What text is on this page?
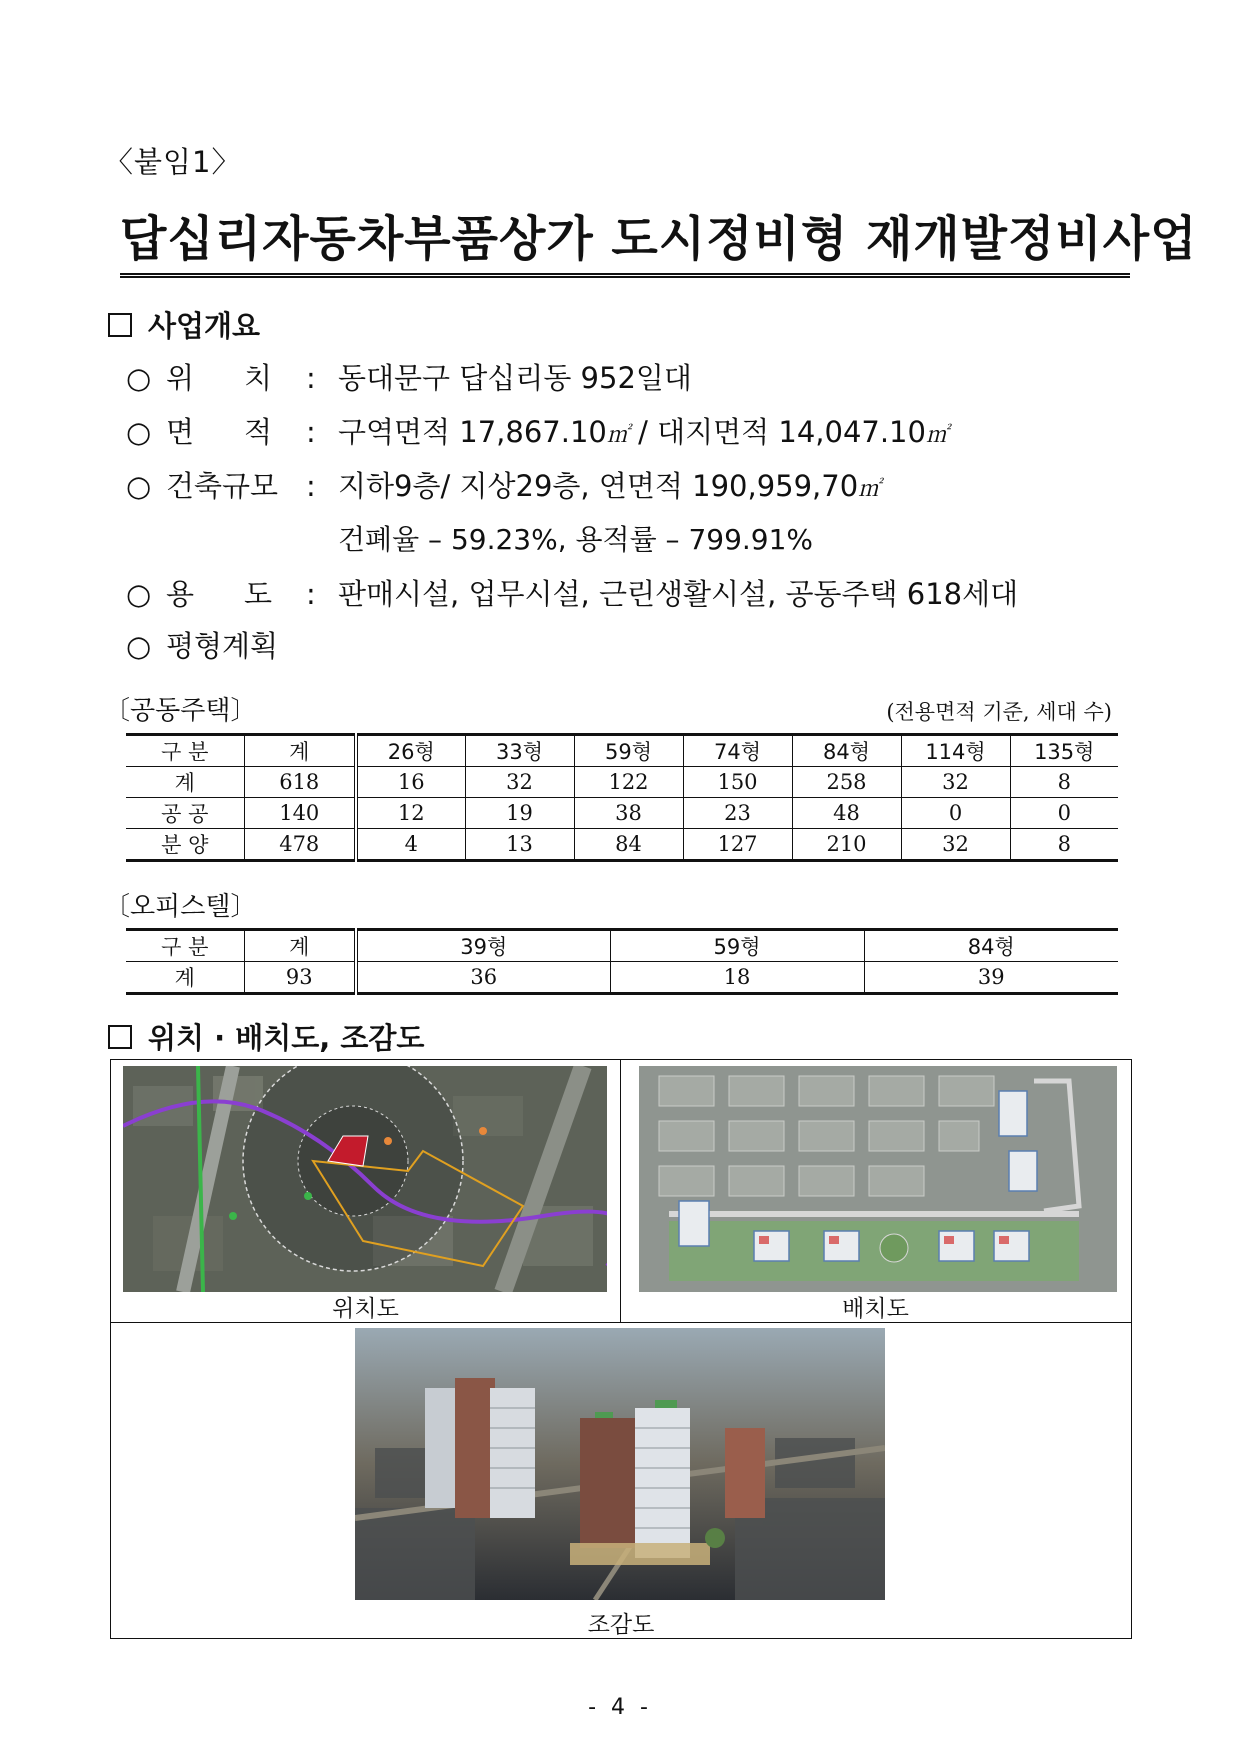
〈붙임1〉
답십리자동차부품상가 도시정비형 재개발정비사업
사업개요
○ 위 치 : 동대문구 답십리동 952일대
○ 면 적 : 구역면적 17,867.10㎡ / 대지면적 14,047.10㎡
○ 건축규모 : 지하9층/ 지상29층, 연면적 190,959,70㎡
건폐율 – 59.23%, 용적률 – 799.91%
○ 용 도 : 판매시설, 업무시설, 근린생활시설, 공동주택 618세대
○ 평형계획
〔공동주택〕	(전용면적 기준, 세대 수)
구 분	계	26형	33형	59형	74형	84형	114형	135형
계	618	16	32	122	150	258	32	8
공 공	140	12	19	38	23	48	0	0
분 양	478	4	13	84	127	210	32	8
〔오피스텔〕
구 분	계	39형	59형	84형
계	93	36	18	39
위치 · 배치도, 조감도
위치도	배치도
조감도
- 4 -
